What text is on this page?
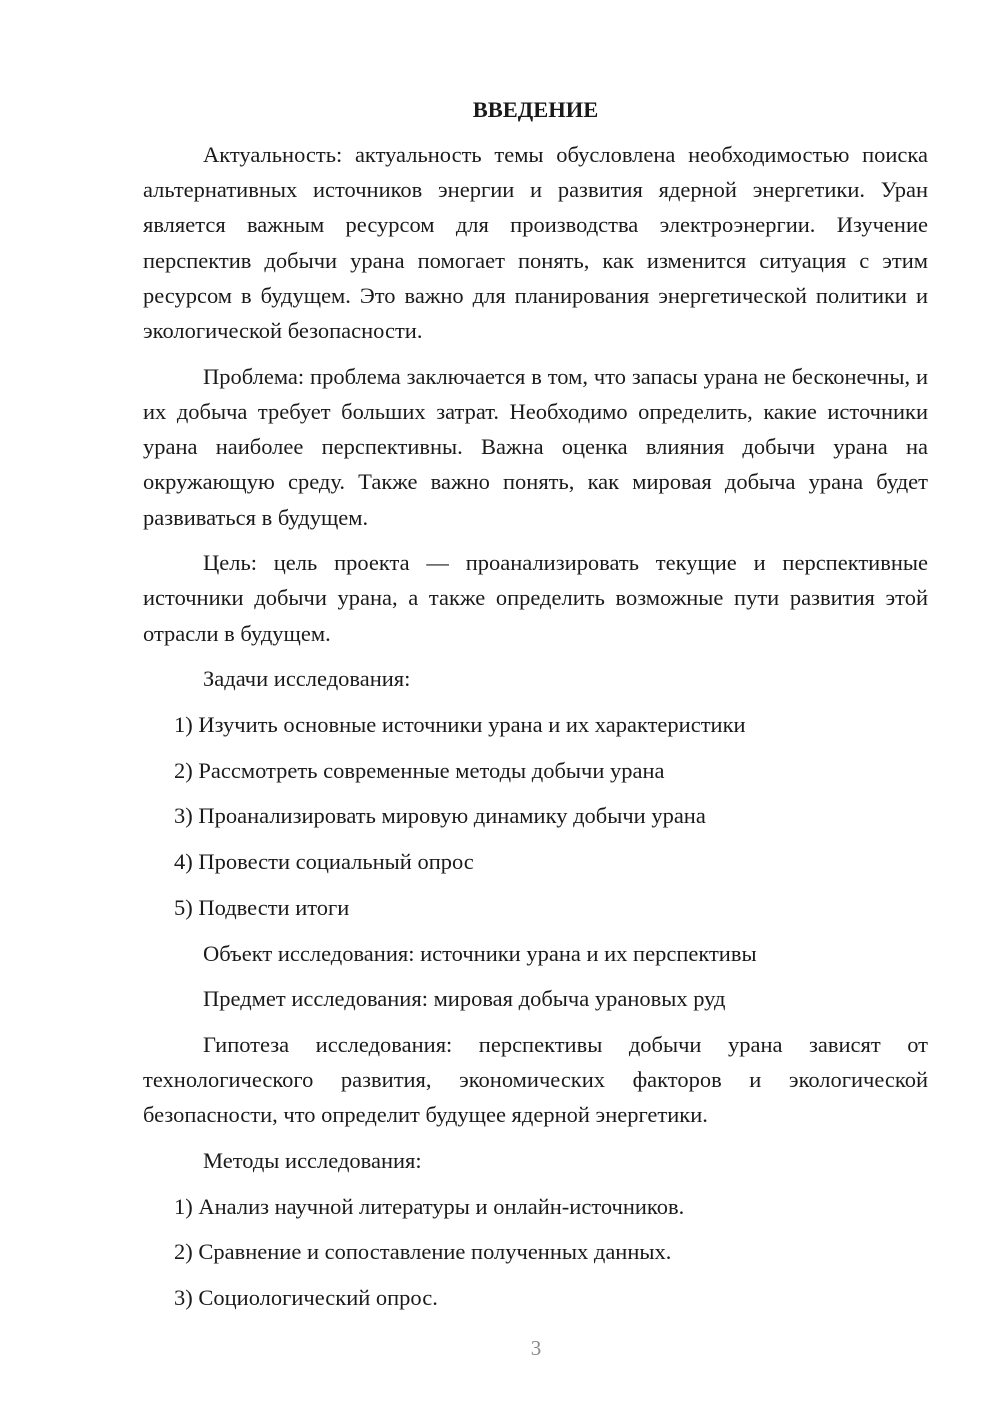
ВВЕДЕНИЕ

Актуальность: актуальность темы обусловлена необходимостью поиска альтернативных источников энергии и развития ядерной энергетики. Уран является важным ресурсом для производства электроэнергии. Изучение перспектив добычи урана помогает понять, как изменится ситуация с этим ресурсом в будущем. Это важно для планирования энергетической политики и экологической безопасности.

Проблема: проблема заключается в том, что запасы урана не бесконечны, и их добыча требует больших затрат. Необходимо определить, какие источники урана наиболее перспективны. Важна оценка влияния добычи урана на окружающую среду. Также важно понять, как мировая добыча урана будет развиваться в будущем.

Цель: цель проекта — проанализировать текущие и перспективные источники добычи урана, а также определить возможные пути развития этой отрасли в будущем.

Задачи исследования:
1) Изучить основные источники урана и их характеристики
2) Рассмотреть современные методы добычи урана
3) Проанализировать мировую динамику добычи урана
4) Провести социальный опрос
5) Подвести итоги
Объект исследования: источники урана и их перспективы
Предмет исследования: мировая добыча урановых руд

Гипотеза исследования: перспективы добычи урана зависят от технологического развития, экономических факторов и экологической безопасности, что определит будущее ядерной энергетики.

Методы исследования:
1) Анализ научной литературы и онлайн-источников.
2) Сравнение и сопоставление полученных данных.
3) Социологический опрос.
3
